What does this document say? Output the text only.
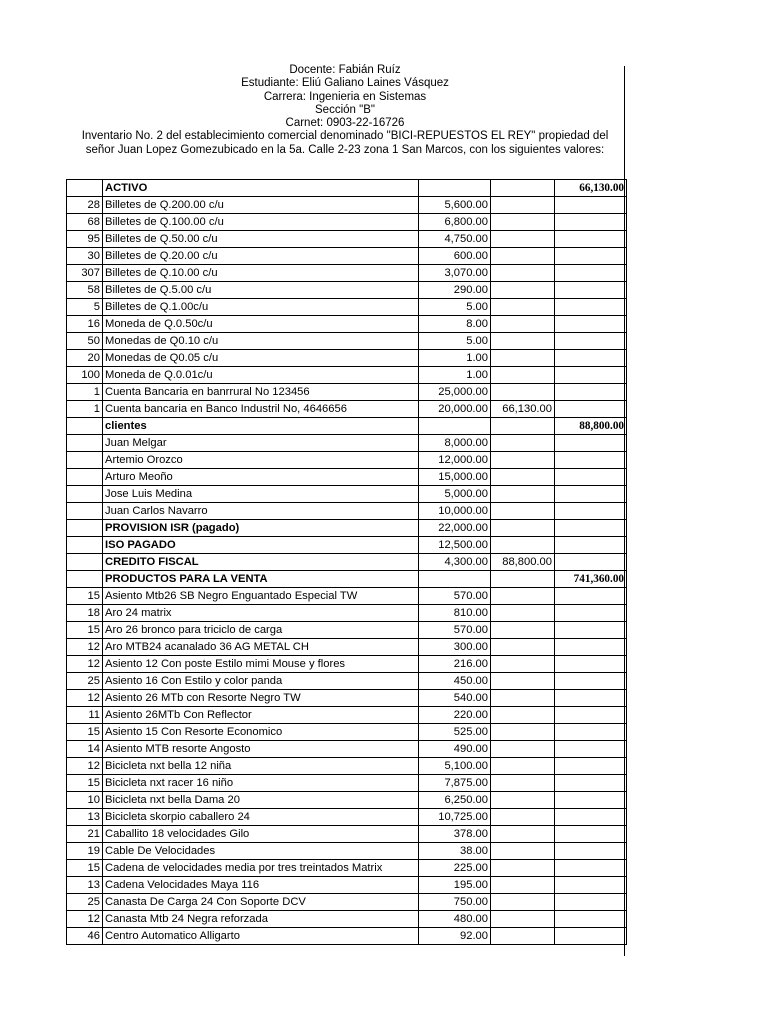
Docente: Fabián Ruíz
Estudiante: Eliú Galiano Laines Vásquez
Carrera: Ingenieria en Sistemas
Sección "B"
Carnet: 0903-22-16726
Inventario No. 2 del establecimiento comercial denominado "BICI-REPUESTOS EL REY" propiedad del
señor Juan Lopez Gomezubicado en la 5a. Calle 2-23 zona 1 San Marcos, con los siguientes valores:
	ACTIVO			66,130.00
28	Billetes de Q.200.00 c/u	5,600.00		
68	Billetes de Q.100.00 c/u	6,800.00		
95	Billetes de Q.50.00 c/u	4,750.00		
30	Billetes de Q.20.00 c/u	600.00		
307	Billetes de Q.10.00 c/u	3,070.00		
58	Billetes de Q.5.00 c/u	290.00		
5	Billetes de Q.1.00c/u	5.00		
16	Moneda de Q.0.50c/u	8.00		
50	Monedas de Q0.10 c/u	5.00		
20	Monedas de Q0.05 c/u	1.00		
100	Moneda de Q.0.01c/u	1.00		
1	Cuenta Bancaria en banrrural No 123456	25,000.00		
1	Cuenta bancaria en Banco Industril No, 4646656	20,000.00	66,130.00	
	clientes			88,800.00
	Juan Melgar	8,000.00		
	Artemio Orozco	12,000.00		
	Arturo Meoño	15,000.00		
	Jose Luis Medina	5,000.00		
	Juan Carlos Navarro	10,000.00		
	PROVISION ISR (pagado)	22,000.00		
	ISO PAGADO	12,500.00		
	CREDITO FISCAL	4,300.00	88,800.00	
	PRODUCTOS PARA LA VENTA			741,360.00
15	Asiento Mtb26 SB Negro Enguantado Especial TW	570.00		
18	Aro 24 matrix	810.00		
15	Aro 26 bronco para triciclo de carga	570.00		
12	Aro MTB24 acanalado 36 AG METAL CH	300.00		
12	Asiento 12 Con poste Estilo mimi Mouse y flores	216.00		
25	Asiento 16 Con Estilo y color panda	450.00		
12	Asiento 26 MTb con Resorte Negro TW	540.00		
11	Asiento 26MTb Con Reflector	220.00		
15	Asiento 15 Con Resorte Economico	525.00		
14	Asiento MTB resorte Angosto	490.00		
12	Bicicleta nxt bella 12 niña	5,100.00		
15	Bicicleta nxt racer 16 niño	7,875.00		
10	Bicicleta nxt bella Dama 20	6,250.00		
13	Bicicleta skorpio caballero 24	10,725.00		
21	Caballito 18 velocidades Gilo	378.00		
19	Cable De Velocidades	38.00		
15	Cadena de velocidades media por tres treintados Matrix	225.00		
13	Cadena Velocidades Maya 116	195.00		
25	Canasta De Carga 24 Con Soporte DCV	750.00		
12	Canasta Mtb 24 Negra reforzada	480.00		
46	Centro Automatico Alligarto	92.00		
